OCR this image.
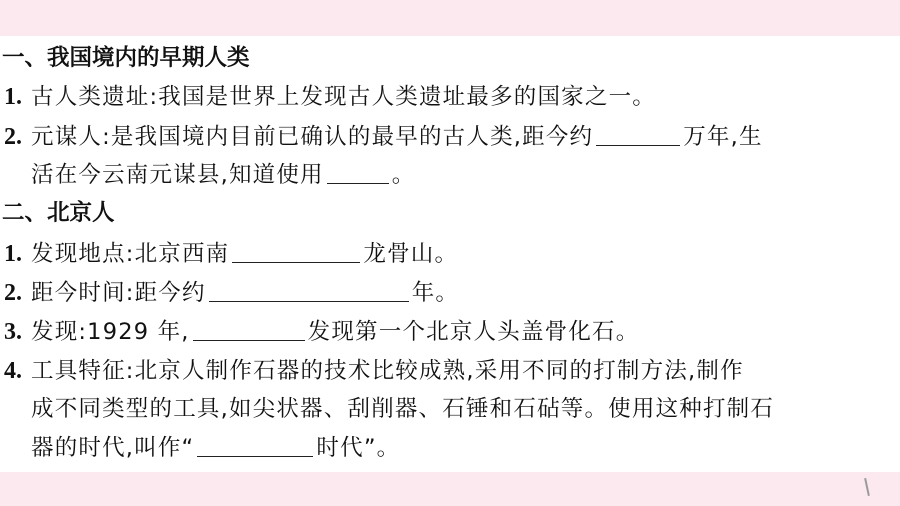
一、我国境内的早期人类
1. 古人类遗址:我国是世界上发现古人类遗址最多的国家之一。
2. 元谋人:是我国境内目前已确认的最早的古人类,距今约	万年,生
活在今云南元谋县,知道使用	。
二、北京人
1. 发现地点:北京西南	龙骨山。
2. 距今时间:距今约	年。
3. 发现:1929 年,	发现第一个北京人头盖骨化石。
4. 工具特征:北京人制作石器的技术比较成熟,采用不同的打制方法,制作
成不同类型的工具,如尖状器、刮削器、石锤和石砧等。使用这种打制石
器的时代,叫作“	时代”。
